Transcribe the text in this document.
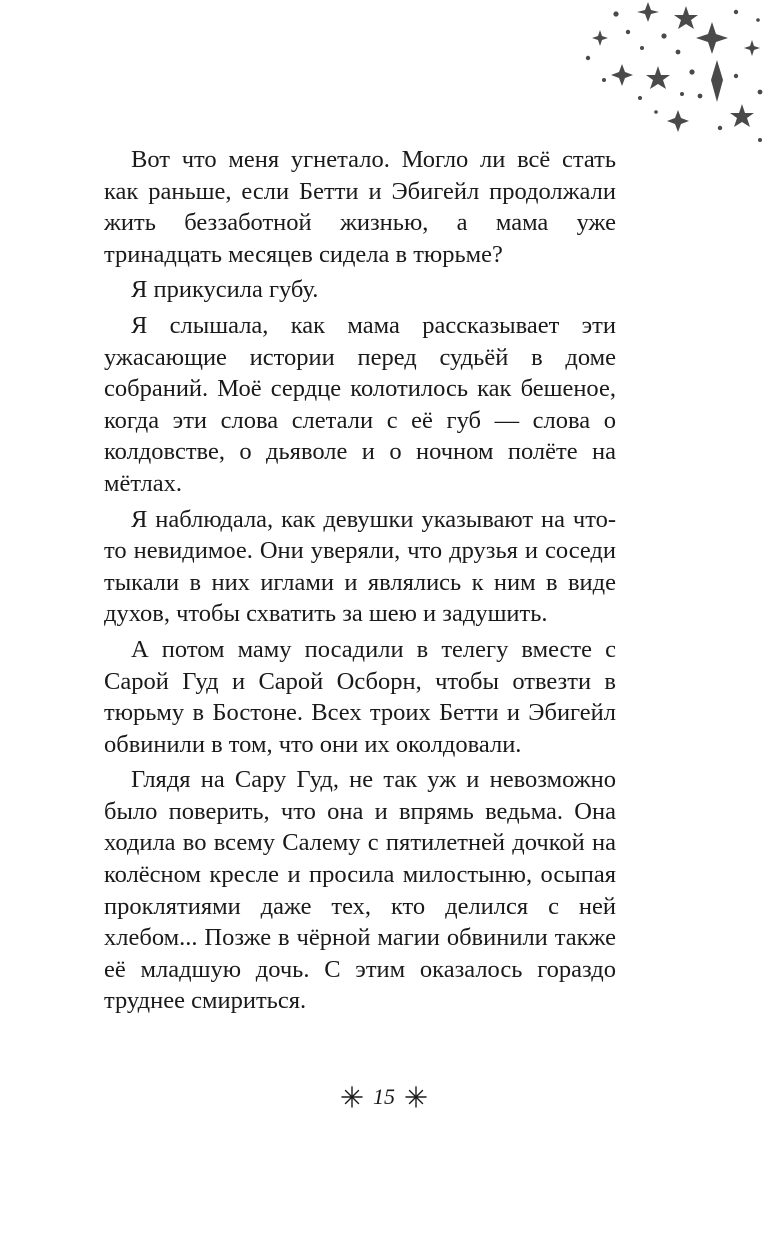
Вот что меня угнетало. Могло ли всё стать как раньше, если Бетти и Эбигейл продолжали жить беззаботной жизнью, а мама уже тринадцать месяцев сидела в тюрьме?

Я прикусила губу.

Я слышала, как мама рассказывает эти ужасающие истории перед судьёй в доме собраний. Моё сердце колотилось как бешеное, когда эти слова слетали с её губ — слова о колдовстве, о дьяволе и о ночном полёте на мётлах.

Я наблюдала, как девушки указывают на что-то невидимое. Они уверяли, что друзья и соседи тыкали в них иглами и являлись к ним в виде духов, чтобы схватить за шею и задушить.

А потом маму посадили в телегу вместе с Сарой Гуд и Сарой Осборн, чтобы отвезти в тюрьму в Бостоне. Всех троих Бетти и Эбигейл обвинили в том, что они их околдовали.

Глядя на Сару Гуд, не так уж и невозможно было поверить, что она и впрямь ведьма. Она ходила во всему Салему с пятилетней дочкой на колёсном кресле и просила милостыню, осыпая проклятиями даже тех, кто делился с ней хлебом... Позже в чёрной магии обвинили также её младшую дочь. С этим оказалось гораздо труднее смириться.

15
